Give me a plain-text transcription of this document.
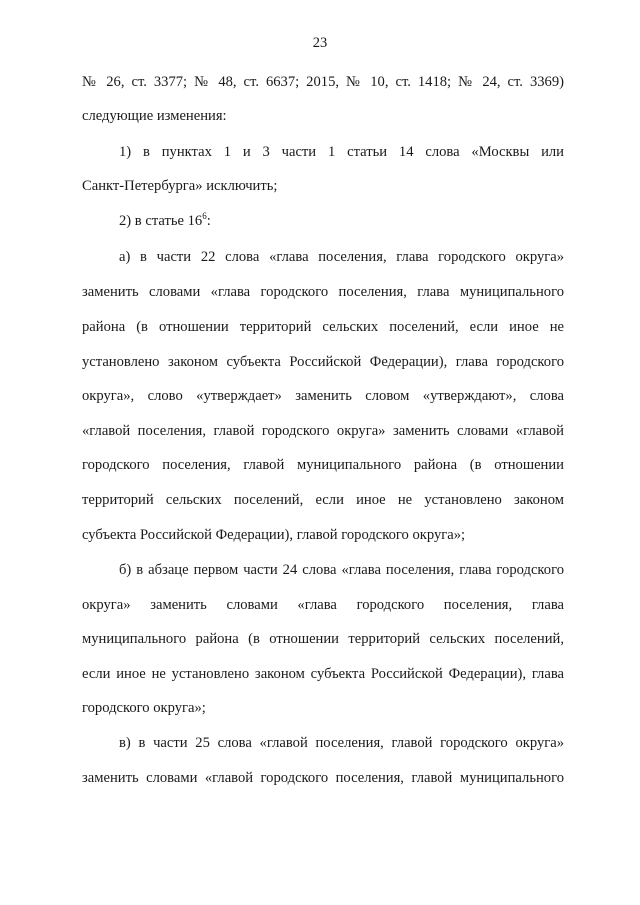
23
№ 26, ст. 3377; № 48, ст. 6637; 2015, № 10, ст. 1418; № 24, ст. 3369)
следующие изменения:
1) в пунктах 1 и 3 части 1 статьи 14 слова «Москвы или
Санкт-Петербурга» исключить;
2) в статье $16^6$:
а) в части 22 слова «глава поселения, глава городского округа»
заменить словами «глава городского поселения, глава муниципального
района (в отношении территорий сельских поселений, если иное не
установлено законом субъекта Российской Федерации), глава городского
округа», слово «утверждает» заменить словом «утверждают», слова
«главой поселения, главой городского округа» заменить словами «главой
городского поселения, главой муниципального района (в отношении
территорий сельских поселений, если иное не установлено законом
субъекта Российской Федерации), главой городского округа»;
б) в абзаце первом части 24 слова «глава поселения, глава городского
округа» заменить словами «глава городского поселения, глава
муниципального района (в отношении территорий сельских поселений,
если иное не установлено законом субъекта Российской Федерации), глава
городского округа»;
в) в части 25 слова «главой поселения, главой городского округа»
заменить словами «главой городского поселения, главой муниципального
